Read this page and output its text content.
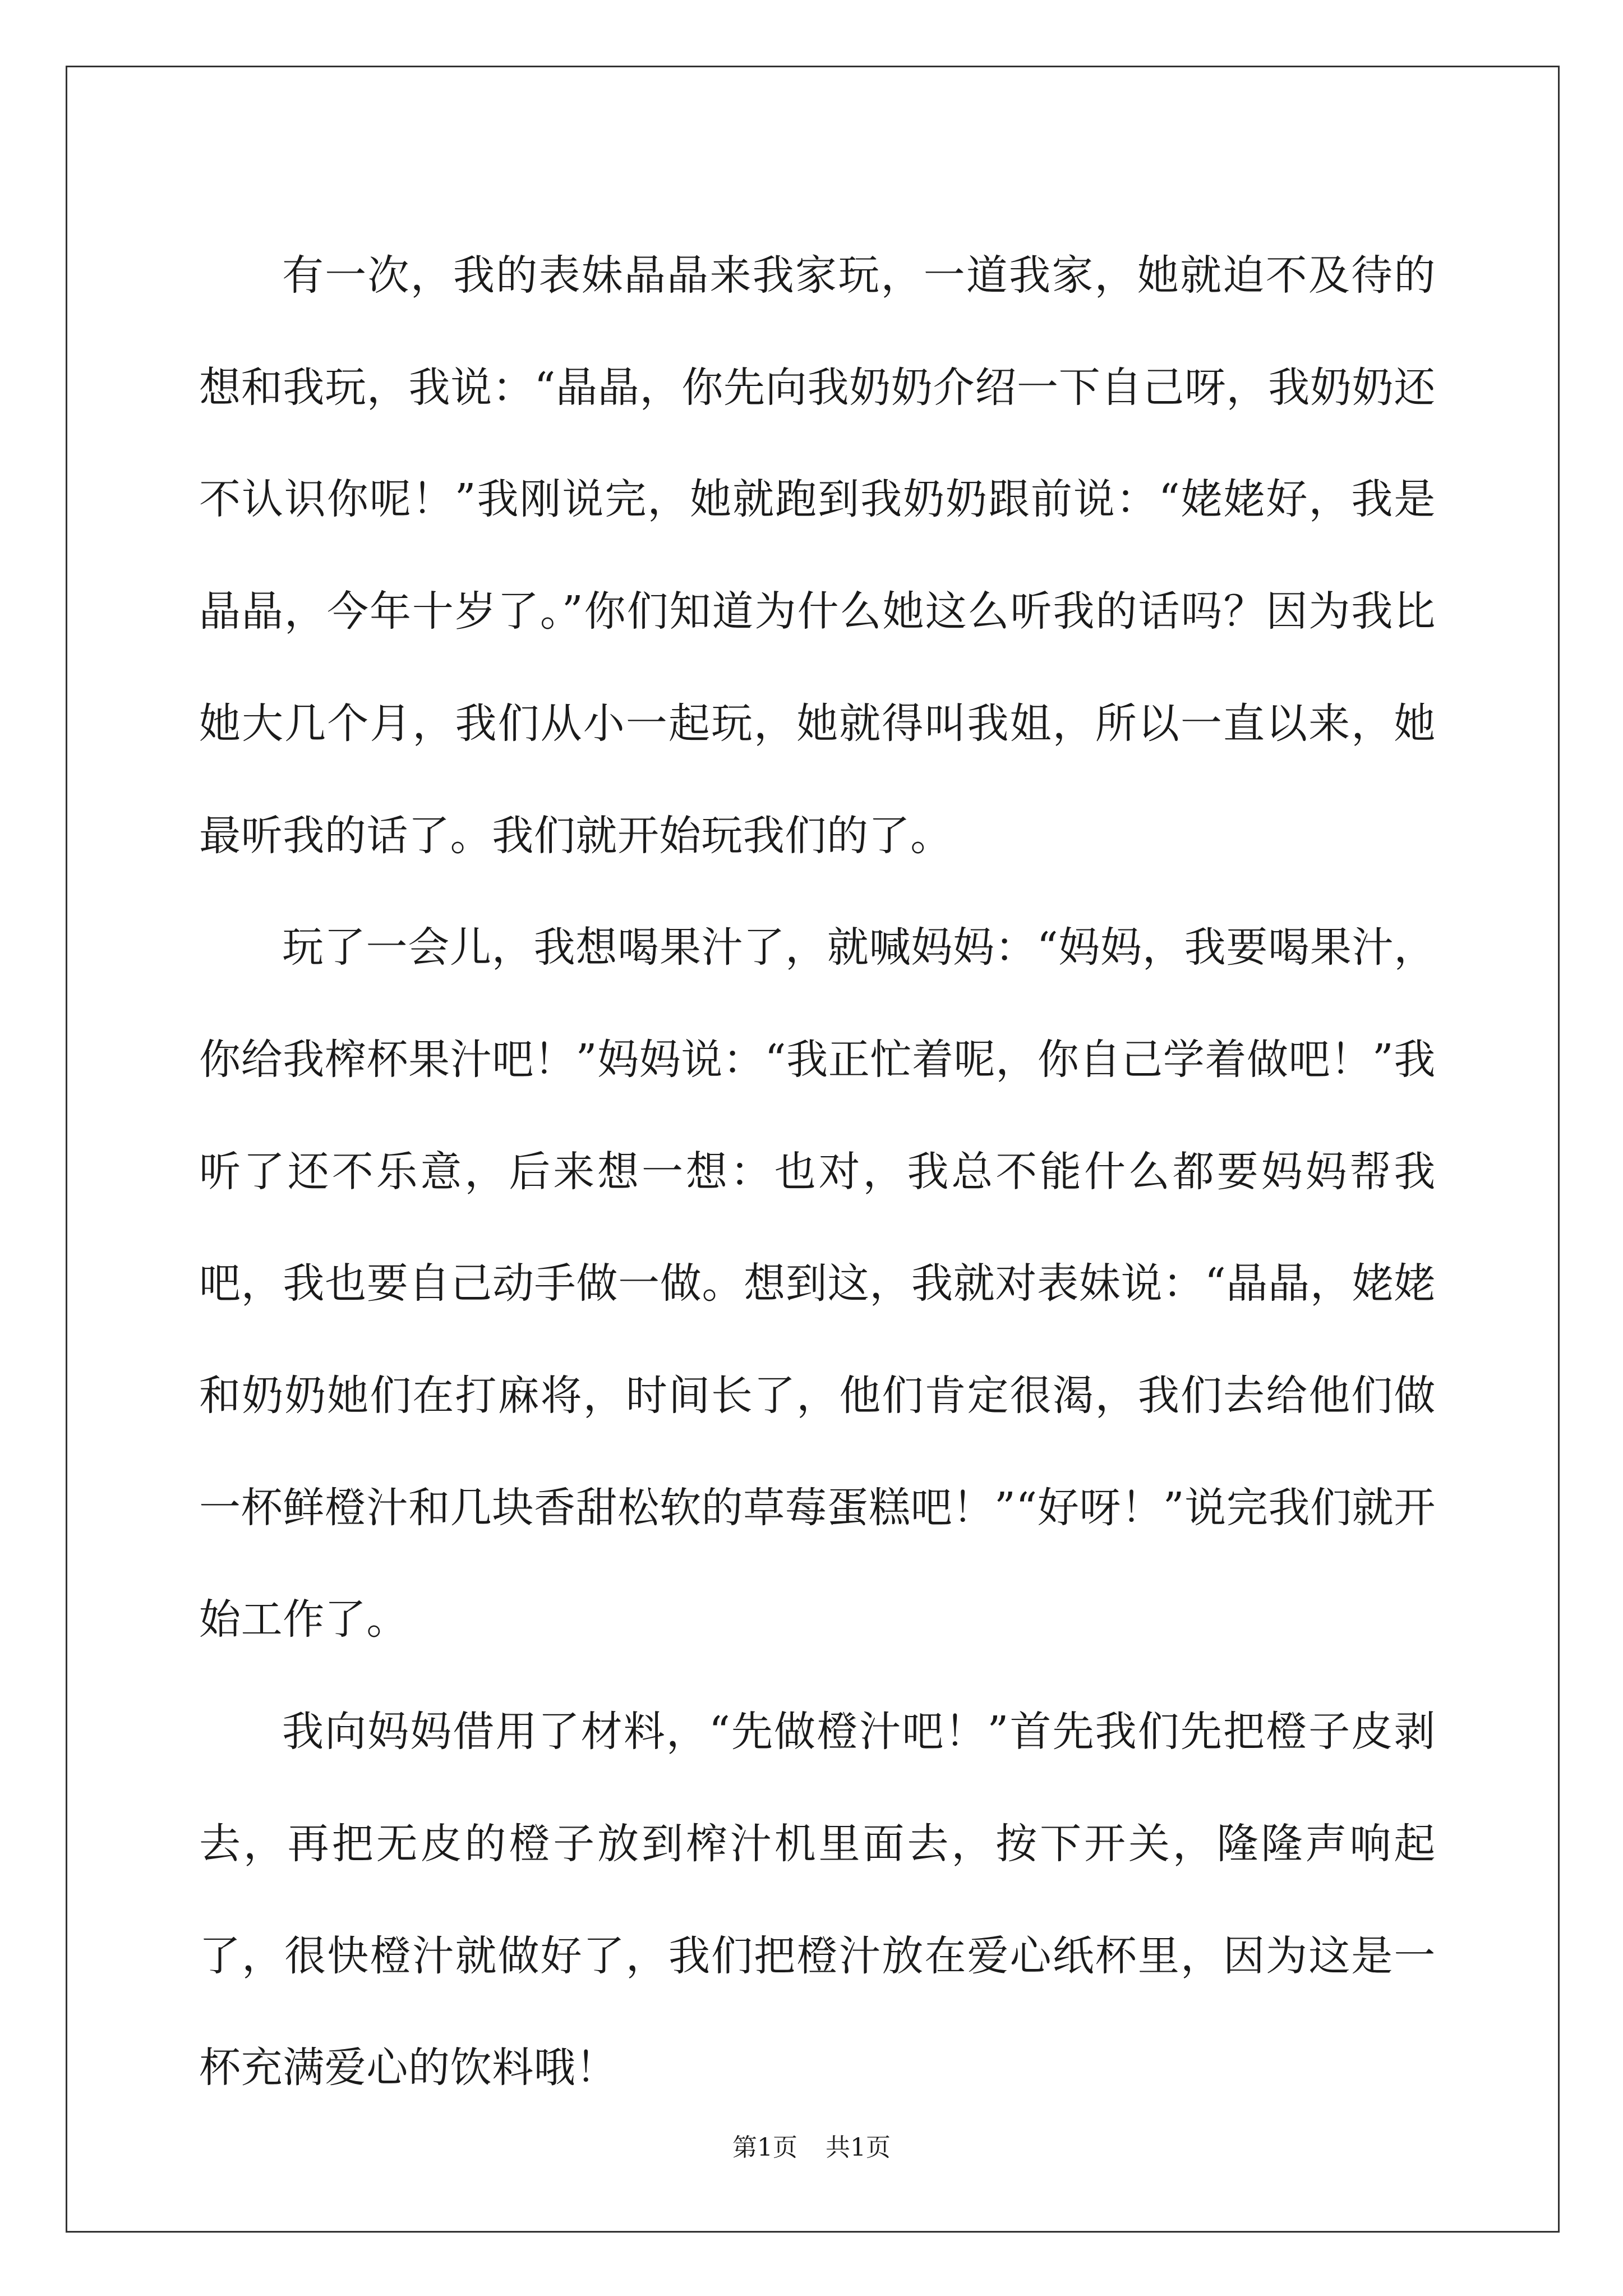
有一次，我的表妹晶晶来我家玩，一道我家，她就迫不及待的想和我玩，我说：“晶晶，你先向我奶奶介绍一下自己呀，我奶奶还不认识你呢！”我刚说完，她就跑到我奶奶跟前说：“姥姥好，我是晶晶，今年十岁了。”你们知道为什么她这么听我的话吗？因为我比她大几个月，我们从小一起玩，她就得叫我姐，所以一直以来，她最听我的话了。我们就开始玩我们的了。

玩了一会儿，我想喝果汁了，就喊妈妈：“妈妈，我要喝果汁，你给我榨杯果汁吧！”妈妈说：“我正忙着呢，你自己学着做吧！”我听了还不乐意，后来想一想：也对，我总不能什么都要妈妈帮我吧，我也要自己动手做一做。想到这，我就对表妹说：“晶晶，姥姥和奶奶她们在打麻将，时间长了，他们肯定很渴，我们去给他们做一杯鲜橙汁和几块香甜松软的草莓蛋糕吧！”“好呀！”说完我们就开始工作了。

我向妈妈借用了材料，“先做橙汁吧！”首先我们先把橙子皮剥去，再把无皮的橙子放到榨汁机里面去，按下开关，隆隆声响起了，很快橙汁就做好了，我们把橙汁放在爱心纸杯里，因为这是一杯充满爱心的饮料哦！

第1页 共1页
